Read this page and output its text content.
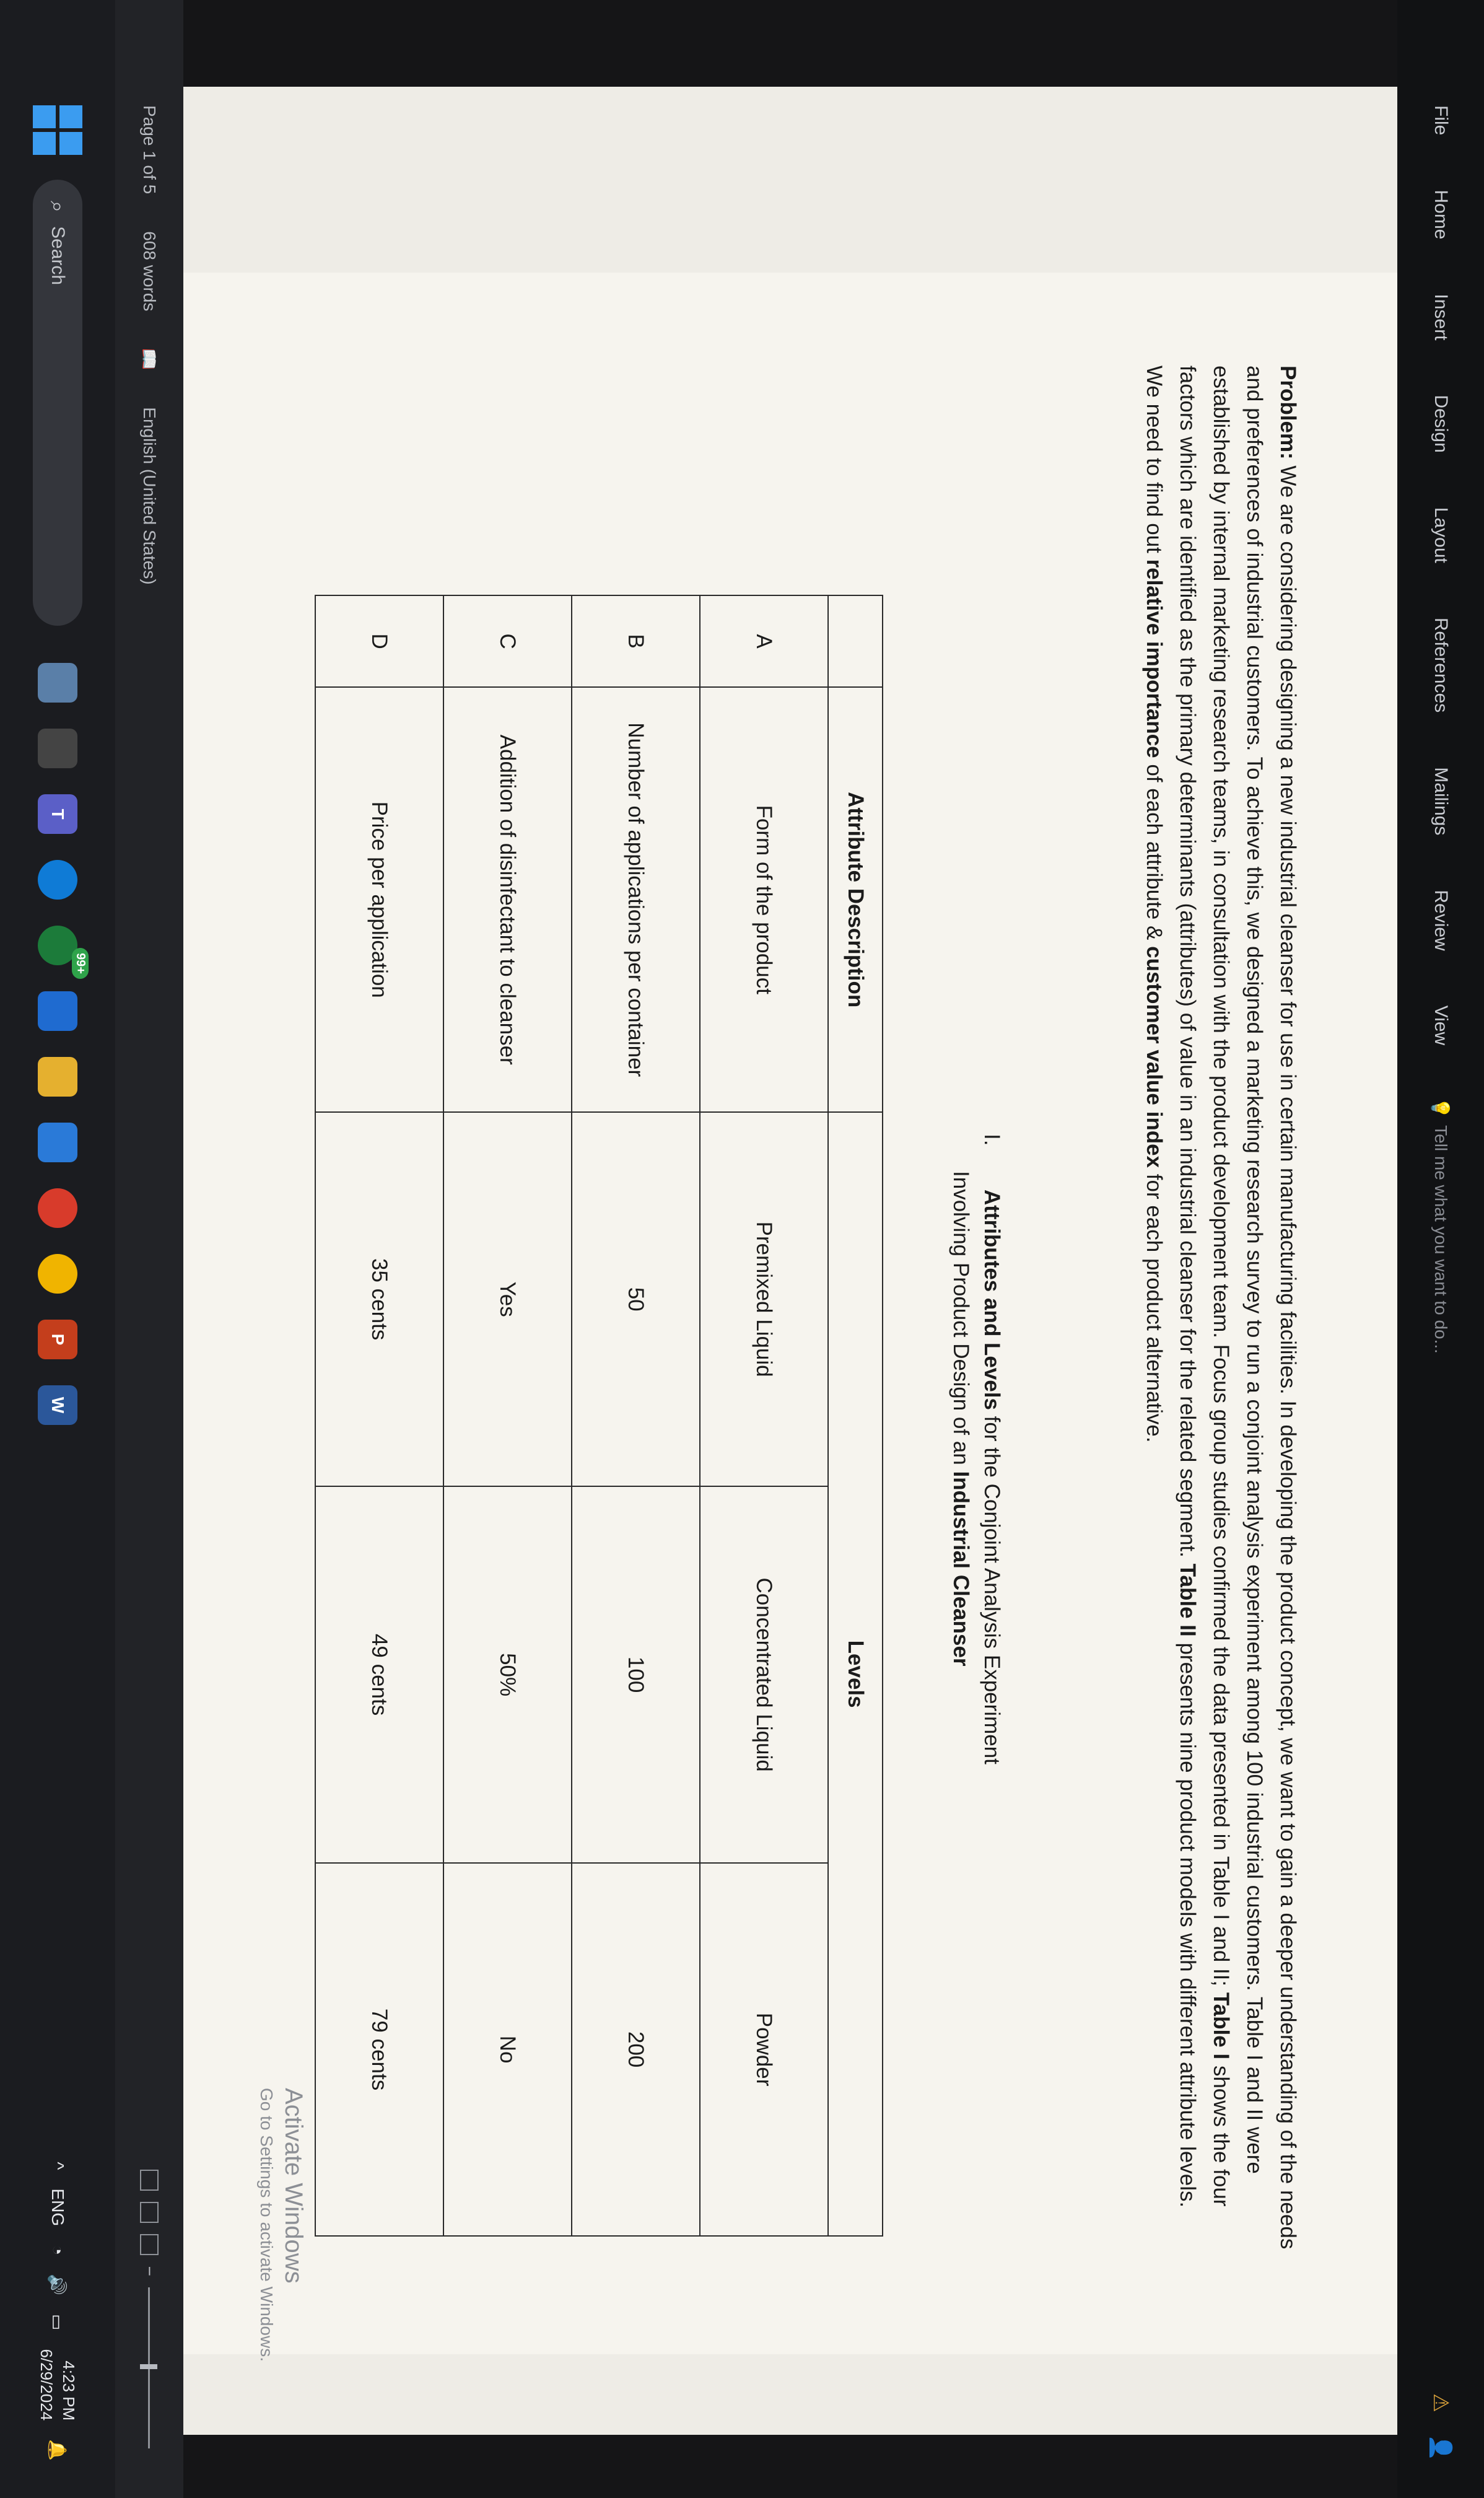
File
Home
Insert
Design
Layout
References
Mailings
Review
View
💡
Tell me what you want to do...
⚠
👤

Problem: We are considering designing a new industrial cleanser for use in certain manufacturing facilities. In developing the product concept, we want to gain a deeper understanding of the needs and preferences of industrial customers. To achieve this, we designed a marketing research survey to run a conjoint analysis experiment among 100 industrial customers. Table I and II were established by internal marketing research teams, in consultation with the product development team. Focus group studies confirmed the data presented in Table I and II; Table I shows the four factors which are identified as the primary determinants (attributes) of value in an industrial cleanser for the related segment. Table II presents nine product models with different attribute levels.

We need to find out relative importance of each attribute & customer value index for each product alternative.

I.
Attributes and Levels for the Conjoint Analysis Experiment
Involving Product Design of an Industrial Cleanser
	Attribute Description	Levels		
A	Form of the product	Premixed Liquid	Concentrated Liquid	Powder
B	Number of applications per container	50	100	200
C	Addition of disinfectant to cleanser	Yes	50%	No
D	Price per application	35 cents	49 cents	79 cents
Activate Windows
Go to Settings to activate Windows.
Page 1 of 5
608 words
📖
English (United States)
−
⌕
Search
T
99+
P
W
^
ENG
◔
🔊
▭
4:23 PM
6/29/2024
🔔
